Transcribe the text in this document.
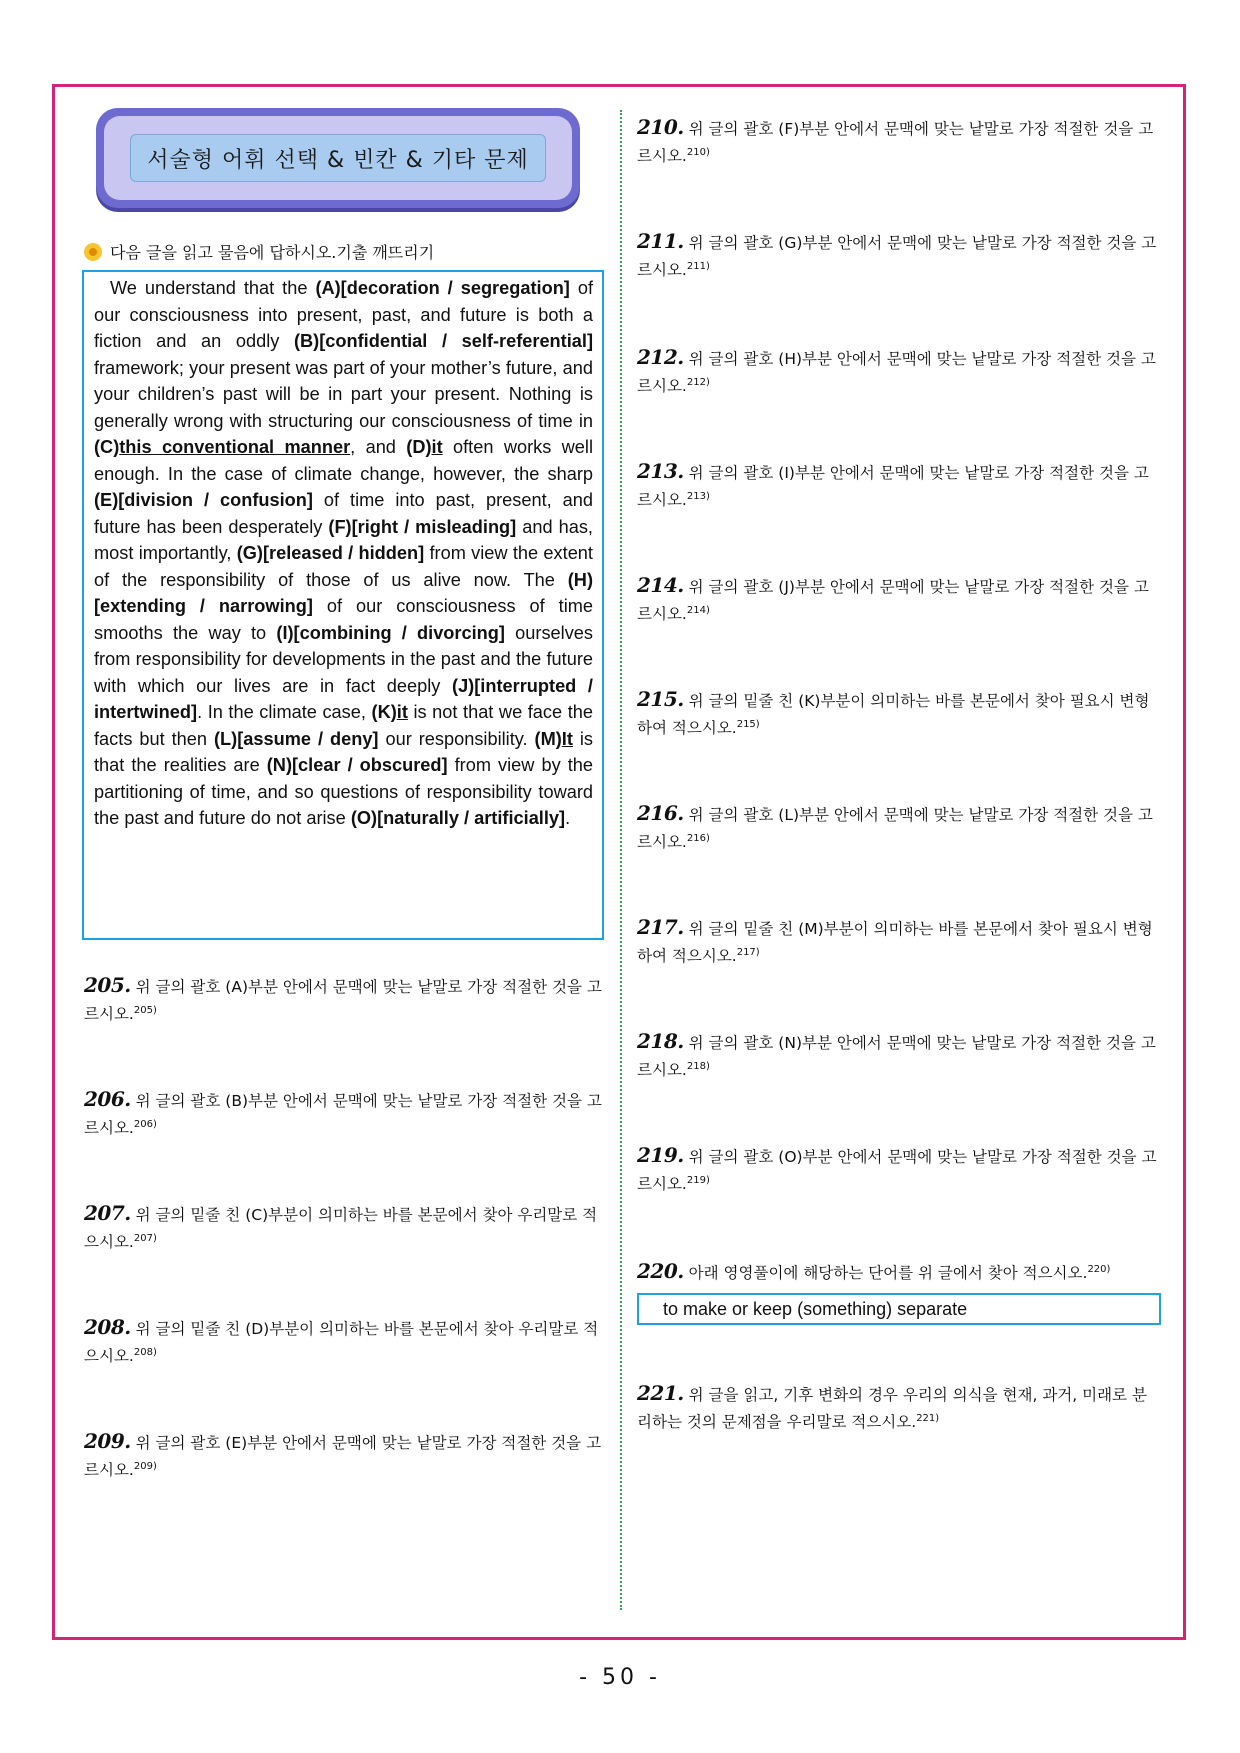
서술형 어휘 선택 & 빈칸 & 기타 문제
다음 글을 읽고 물음에 답하시오.기출 깨뜨리기
We understand that the (A)[decoration / segregation] of our consciousness into present, past, and future is both a fiction and an oddly (B)[confidential / self-referential] framework; your present was part of your mother’s future, and your children’s past will be in part your present. Nothing is generally wrong with structuring our consciousness of time in (C)this conventional manner, and (D)it often works well enough. In the case of climate change, however, the sharp (E)[division / confusion] of time into past, present, and future has been desperately (F)[right / misleading] and has, most importantly, (G)[released / hidden] from view the extent of the responsibility of those of us alive now. The (H)[extending / narrowing] of our consciousness of time smooths the way to (I)[combining / divorcing] ourselves from responsibility for developments in the past and the future with which our lives are in fact deeply (J)[interrupted / intertwined]. In the climate case, (K)it is not that we face the facts but then (L)[assume / deny] our responsibility. (M)It is that the realities are (N)[clear / obscured] from view by the partitioning of time, and so questions of responsibility toward the past and future do not arise (O)[naturally / artificially].
205. 위 글의 괄호 (A)부분 안에서 문맥에 맞는 낱말로 가장 적절한 것을 고르시오.$^{205)}$
206. 위 글의 괄호 (B)부분 안에서 문맥에 맞는 낱말로 가장 적절한 것을 고르시오.$^{206)}$
207. 위 글의 밑줄 친 (C)부분이 의미하는 바를 본문에서 찾아 우리말로 적으시오.$^{207)}$
208. 위 글의 밑줄 친 (D)부분이 의미하는 바를 본문에서 찾아 우리말로 적으시오.$^{208)}$
209. 위 글의 괄호 (E)부분 안에서 문맥에 맞는 낱말로 가장 적절한 것을 고르시오.$^{209)}$
210. 위 글의 괄호 (F)부분 안에서 문맥에 맞는 낱말로 가장 적절한 것을 고르시오.$^{210)}$
211. 위 글의 괄호 (G)부분 안에서 문맥에 맞는 낱말로 가장 적절한 것을 고르시오.$^{211)}$
212. 위 글의 괄호 (H)부분 안에서 문맥에 맞는 낱말로 가장 적절한 것을 고르시오.$^{212)}$
213. 위 글의 괄호 (I)부분 안에서 문맥에 맞는 낱말로 가장 적절한 것을 고르시오.$^{213)}$
214. 위 글의 괄호 (J)부분 안에서 문맥에 맞는 낱말로 가장 적절한 것을 고르시오.$^{214)}$
215. 위 글의 밑줄 친 (K)부분이 의미하는 바를 본문에서 찾아 필요시 변형하여 적으시오.$^{215)}$
216. 위 글의 괄호 (L)부분 안에서 문맥에 맞는 낱말로 가장 적절한 것을 고르시오.$^{216)}$
217. 위 글의 밑줄 친 (M)부분이 의미하는 바를 본문에서 찾아 필요시 변형하여 적으시오.$^{217)}$
218. 위 글의 괄호 (N)부분 안에서 문맥에 맞는 낱말로 가장 적절한 것을 고르시오.$^{218)}$
219. 위 글의 괄호 (O)부분 안에서 문맥에 맞는 낱말로 가장 적절한 것을 고르시오.$^{219)}$
220. 아래 영영풀이에 해당하는 단어를 위 글에서 찾아 적으시오.$^{220)}$
to make or keep (something) separate
221. 위 글을 읽고, 기후 변화의 경우 우리의 의식을 현재, 과거, 미래로 분리하는 것의 문제점을 우리말로 적으시오.$^{221)}$
- 50 -
